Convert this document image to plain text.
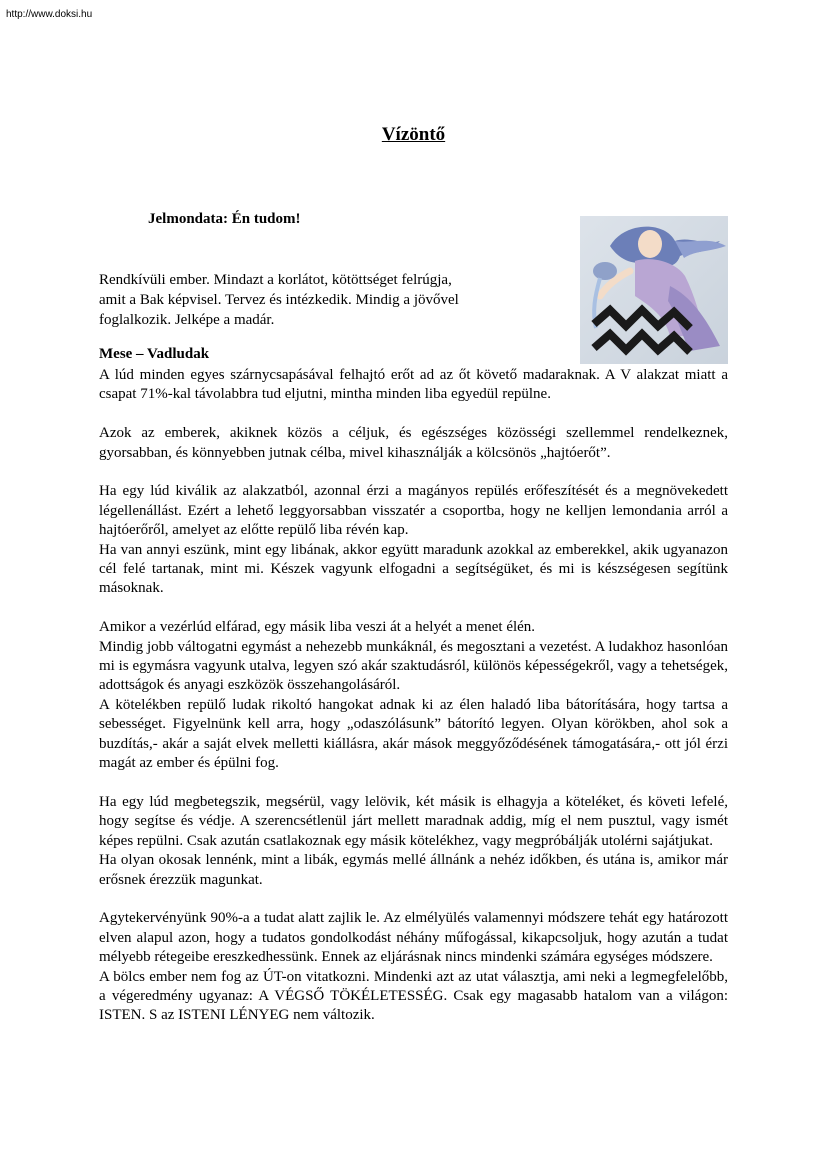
http://www.doksi.hu
Vízöntő
Jelmondata: Én tudom!
Rendkívüli ember. Mindazt a korlátot, kötöttséget felrúgja,
amit a Bak képvisel. Tervez és intézkedik. Mindig a jövővel
foglalkozik. Jelképe a madár.
Mese – Vadludak

A lúd minden egyes szárnycsapásával felhajtó erőt ad az őt követő madaraknak. A V alakzat miatt a csapat 71%-kal távolabbra tud eljutni, mintha minden liba egyedül repülne.

Azok az emberek, akiknek közös a céljuk, és egészséges közösségi szellemmel rendelkeznek, gyorsabban, és könnyebben jutnak célba, mivel kihasználják a kölcsönös „hajtóerőt”.

Ha egy lúd kiválik az alakzatból, azonnal érzi a magányos repülés erőfeszítését és a megnövekedett légellenállást. Ezért a lehető leggyorsabban visszatér a csoportba, hogy ne kelljen lemondania arról a hajtóerőről, amelyet az előtte repülő liba révén kap.

Ha van annyi eszünk, mint egy libának, akkor együtt maradunk azokkal az emberekkel, akik ugyanazon cél felé tartanak, mint mi. Készek vagyunk elfogadni a segítségüket, és mi is készségesen segítünk másoknak.

Amikor a vezérlúd elfárad, egy másik liba veszi át a helyét a menet élén.

Mindig jobb váltogatni egymást a nehezebb munkáknál, és megosztani a vezetést. A ludakhoz hasonlóan mi is egymásra vagyunk utalva, legyen szó akár szaktudásról, különös képességekről, vagy a tehetségek, adottságok és anyagi eszközök összehangolásáról.

A kötelékben repülő ludak rikoltó hangokat adnak ki az élen haladó liba bátorítására, hogy tartsa a sebességet. Figyelnünk kell arra, hogy „odaszólásunk” bátorító legyen. Olyan körökben, ahol sok a buzdítás,- akár a saját elvek melletti kiállásra, akár mások meggyőződésének támogatására,- ott jól érzi magát az ember és épülni fog.

Ha egy lúd megbetegszik, megsérül, vagy lelövik, két másik is elhagyja a köteléket, és követi lefelé, hogy segítse és védje. A szerencsétlenül járt mellett maradnak addig, míg el nem pusztul, vagy ismét képes repülni. Csak azután csatlakoznak egy másik kötelékhez, vagy megpróbálják utolérni sajátjukat.

Ha olyan okosak lennénk, mint a libák, egymás mellé állnánk a nehéz időkben, és utána is, amikor már erősnek érezzük magunkat.

Agytekervényünk 90%-a a tudat alatt zajlik le. Az elmélyülés valamennyi módszere tehát egy határozott elven alapul azon, hogy a tudatos gondolkodást néhány műfogással, kikapcsoljuk, hogy azután a tudat mélyebb rétegeibe ereszkedhessünk. Ennek az eljárásnak nincs mindenki számára egységes módszere.

A bölcs ember nem fog az ÚT-on vitatkozni. Mindenki azt az utat választja, ami neki a legmegfelelőbb, a végeredmény ugyanaz: A VÉGSŐ TÖKÉLETESSÉG. Csak egy magasabb hatalom van a világon: ISTEN. S az ISTENI LÉNYEG nem változik.
